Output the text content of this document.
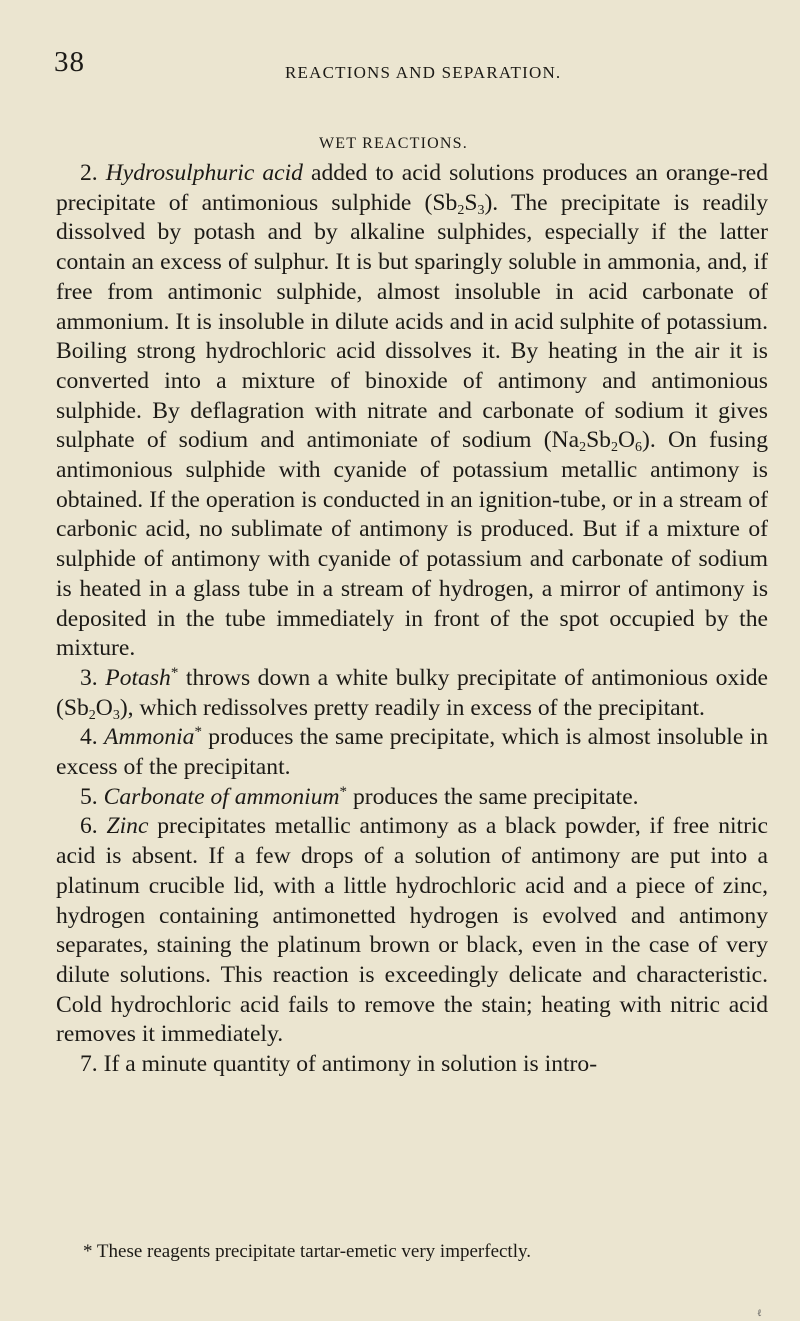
38	REACTIONS AND SEPARATION.
WET REACTIONS.

2. Hydrosulphuric acid added to acid solutions produces an orange-red precipitate of antimonious sulphide $(Sb_2S_3)$. The precipitate is readily dissolved by potash and by alkaline sulphides, especially if the latter contain an excess of sulphur. It is but sparingly soluble in ammonia, and, if free from antimonic sulphide, almost insoluble in acid carbonate of ammonium. It is insoluble in dilute acids and in acid sulphite of potassium. Boiling strong hydrochloric acid dissolves it. By heating in the air it is converted into a mixture of binoxide of antimony and antimonious sulphide. By deflagration with nitrate and carbonate of sodium it gives sulphate of sodium and antimoniate of sodium $(Na_2Sb_2O_6)$. On fusing antimonious sulphide with cyanide of potassium metallic antimony is obtained. If the operation is conducted in an ignition-tube, or in a stream of carbonic acid, no sublimate of antimony is produced. But if a mixture of sulphide of antimony with cyanide of potassium and carbonate of sodium is heated in a glass tube in a stream of hydrogen, a mirror of antimony is deposited in the tube immediately in front of the spot occupied by the mixture.

3. Potash* throws down a white bulky precipitate of antimonious oxide $(Sb_2O_3)$, which redissolves pretty readily in excess of the precipitant.

4. Ammonia* produces the same precipitate, which is almost insoluble in excess of the precipitant.

5. Carbonate of ammonium* produces the same precipitate.

6. Zinc precipitates metallic antimony as a black powder, if free nitric acid is absent. If a few drops of a solution of antimony are put into a platinum crucible lid, with a little hydrochloric acid and a piece of zinc, hydrogen containing antimonetted hydrogen is evolved and antimony separates, staining the platinum brown or black, even in the case of very dilute solutions. This reaction is exceedingly delicate and characteristic. Cold hydrochloric acid fails to remove the stain; heating with nitric acid removes it immediately.

7. If a minute quantity of antimony in solution is intro-

* These reagents precipitate tartar-emetic very imperfectly.
ℓ
